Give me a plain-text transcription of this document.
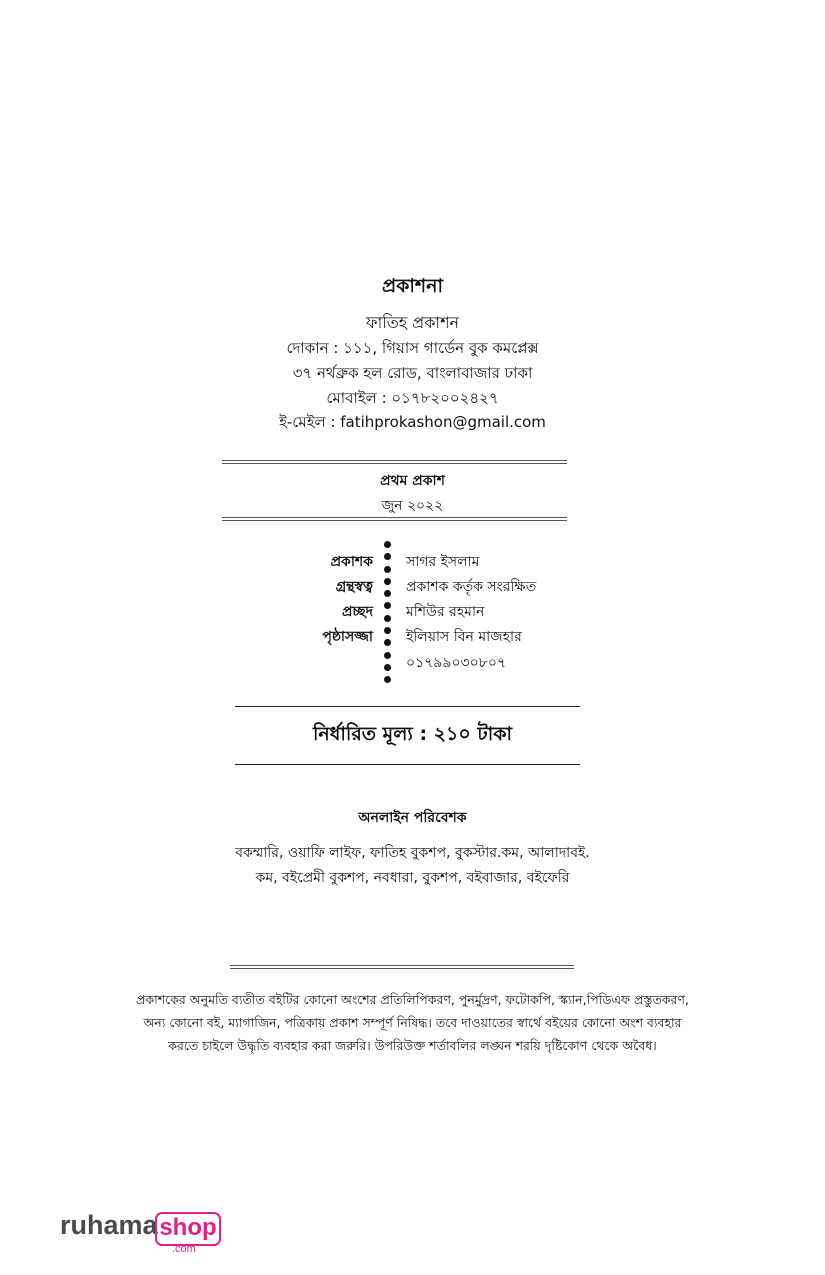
প্রকাশনা
ফাতিহ প্রকাশন
দোকান : ১১১, গিয়াস গার্ডেন বুক কমপ্লেক্স
৩৭ নর্থব্রুক হল রোড, বাংলাবাজার ঢাকা
মোবাইল : ০১৭৮২০০২৪২৭
ই-মেইল : fatihprokashon@gmail.com
প্রথম প্রকাশ
জুন ২০২২
প্রকাশক সাগর ইসলাম
গ্রন্থস্বত্ব প্রকাশক কর্তৃক সংরক্ষিত
প্রচ্ছদ মশিউর রহমান
পৃষ্ঠাসজ্জা ইলিয়াস বিন মাজহার
০১৭৯৯০৩০৮০৭
নির্ধারিত মূল্য : ২১০ টাকা
অনলাইন পরিবেশক
বকম্মারি, ওয়াফি লাইফ, ফাতিহ বুকশপ, বুকস্টার.কম, আলাদাবই.
কম, বইপ্রেমী বুকশপ, নবধারা, বুকশপ, বইবাজার, বইফেরি
প্রকাশকের অনুমতি ব্যতীত বইটির কোনো অংশের প্রতিলিপিকরণ, পুনর্মুদ্রণ, ফটোকপি, স্ক্যান,পিডিএফ প্রস্তুতকরণ,
অন্য কোনো বই, ম্যাগাজিন, পত্রিকায় প্রকাশ সম্পূর্ণ নিষিদ্ধ। তবে দাওয়াতের স্বার্থে বইয়ের কোনো অংশ ব্যবহার
করতে চাইলে উদ্ধৃতি ব্যবহার করা জরুরি। উপরিউক্ত শর্তাবলির লঙ্ঘন শরয়ি দৃষ্টিকোণ থেকে অবৈধ।
ruhama shop
.com
